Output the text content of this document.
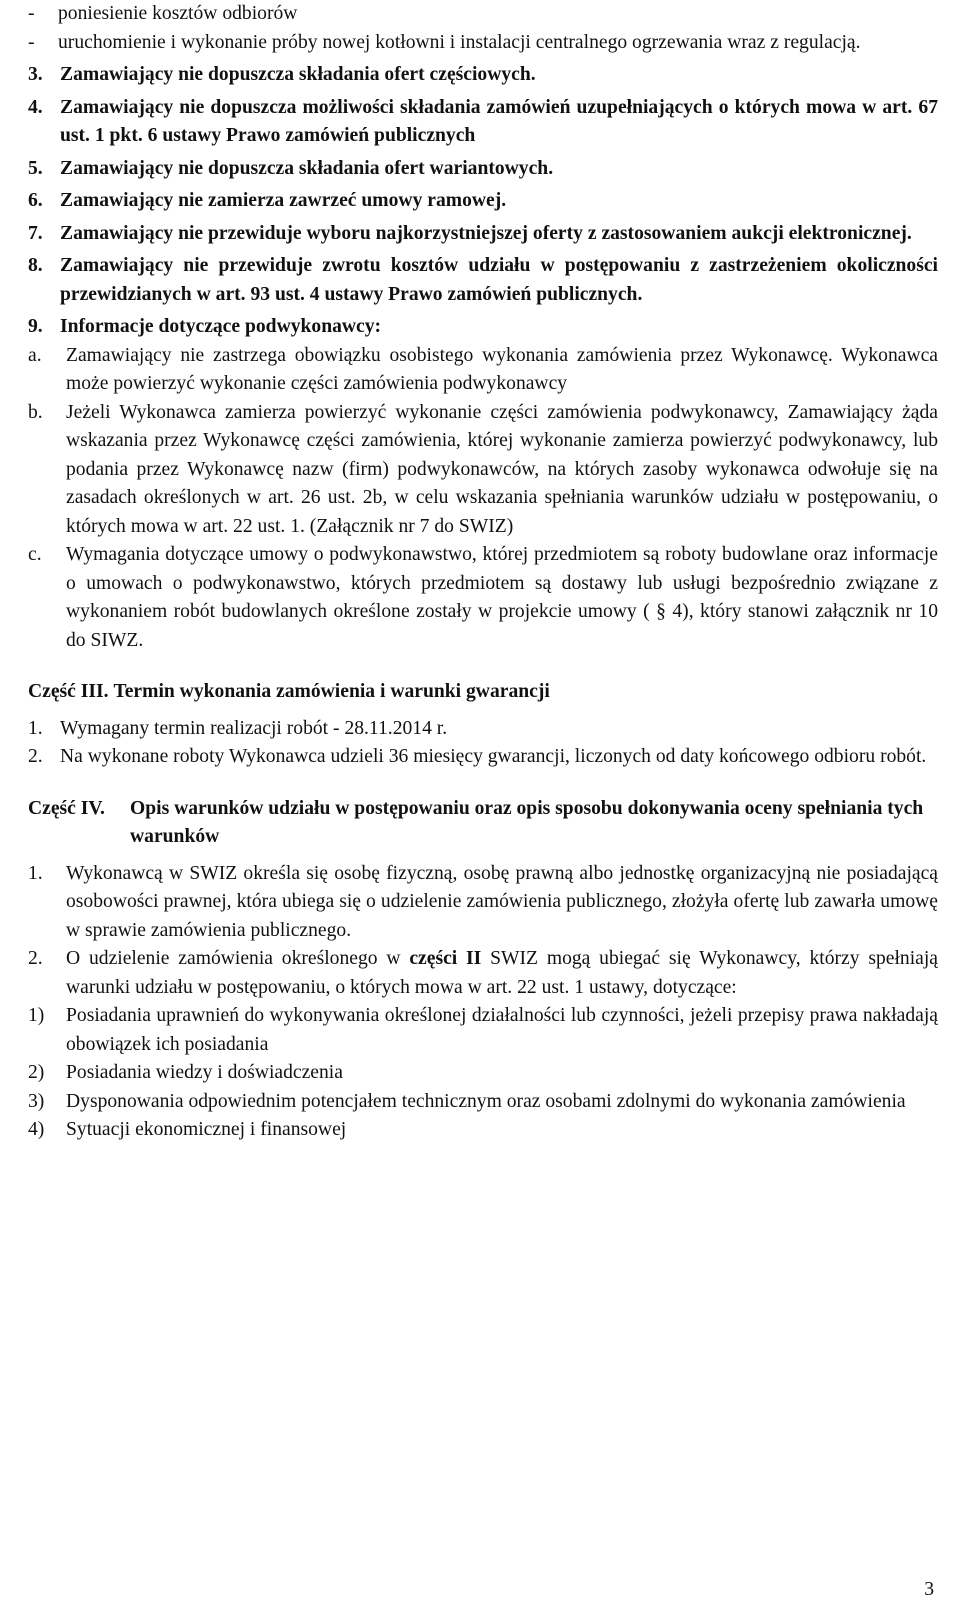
-	poniesienie kosztów odbiorów
-	uruchomienie i wykonanie próby nowej kotłowni i instalacji centralnego ogrzewania wraz z regulacją.
3. Zamawiający nie dopuszcza składania ofert częściowych.
4. Zamawiający nie dopuszcza możliwości składania zamówień uzupełniających o których mowa w art. 67 ust. 1 pkt. 6 ustawy Prawo zamówień publicznych
5. Zamawiający nie dopuszcza składania ofert wariantowych.
6. Zamawiający nie zamierza zawrzeć umowy ramowej.
7. Zamawiający nie przewiduje wyboru najkorzystniejszej oferty z zastosowaniem aukcji elektronicznej.
8. Zamawiający nie przewiduje zwrotu kosztów udziału w postępowaniu z zastrzeżeniem okoliczności przewidzianych w art. 93 ust. 4 ustawy Prawo zamówień publicznych.
9. Informacje dotyczące podwykonawcy:
a.	Zamawiający nie zastrzega obowiązku osobistego wykonania zamówienia przez Wykonawcę. Wykonawca może powierzyć wykonanie części zamówienia podwykonawcy
b.	Jeżeli Wykonawca zamierza powierzyć wykonanie części zamówienia podwykonawcy, Zamawiający żąda wskazania przez Wykonawcę części zamówienia, której wykonanie zamierza powierzyć podwykonawcy, lub podania przez Wykonawcę nazw (firm) podwykonawców, na których zasoby wykonawca odwołuje się na zasadach określonych w art. 26 ust. 2b, w celu wskazania spełniania warunków udziału w postępowaniu, o których mowa w art. 22 ust. 1. (Załącznik nr 7 do SWIZ)
c.	Wymagania dotyczące umowy o podwykonawstwo, której przedmiotem są roboty budowlane oraz informacje o umowach o podwykonawstwo, których przedmiotem są dostawy lub usługi bezpośrednio związane z wykonaniem robót budowlanych określone zostały w projekcie umowy ( § 4), który stanowi załącznik nr 10 do SIWZ.
Część III.
Termin wykonania zamówienia i warunki gwarancji
1. Wymagany termin realizacji robót - 28.11.2014 r.
2. Na wykonane roboty Wykonawca udzieli 36 miesięcy gwarancji, liczonych od daty końcowego odbioru robót.
Część IV.	Opis warunków udziału w postępowaniu oraz opis sposobu dokonywania oceny spełniania tych warunków
1.	Wykonawcą w SWIZ określa się osobę fizyczną, osobę prawną albo jednostkę organizacyjną nie posiadającą osobowości prawnej, która ubiega się o udzielenie zamówienia publicznego, złożyła ofertę lub zawarła umowę w sprawie zamówienia publicznego.
2.	O udzielenie zamówienia określonego w części II SWIZ mogą ubiegać się Wykonawcy, którzy spełniają warunki udziału w postępowaniu, o których mowa w art. 22 ust. 1 ustawy, dotyczące:
1)	Posiadania uprawnień do wykonywania określonej działalności lub czynności, jeżeli przepisy prawa nakładają obowiązek ich posiadania
2)	Posiadania wiedzy i doświadczenia
3)	Dysponowania odpowiednim potencjałem technicznym oraz osobami zdolnymi do wykonania zamówienia
4)	Sytuacji ekonomicznej i finansowej
3
